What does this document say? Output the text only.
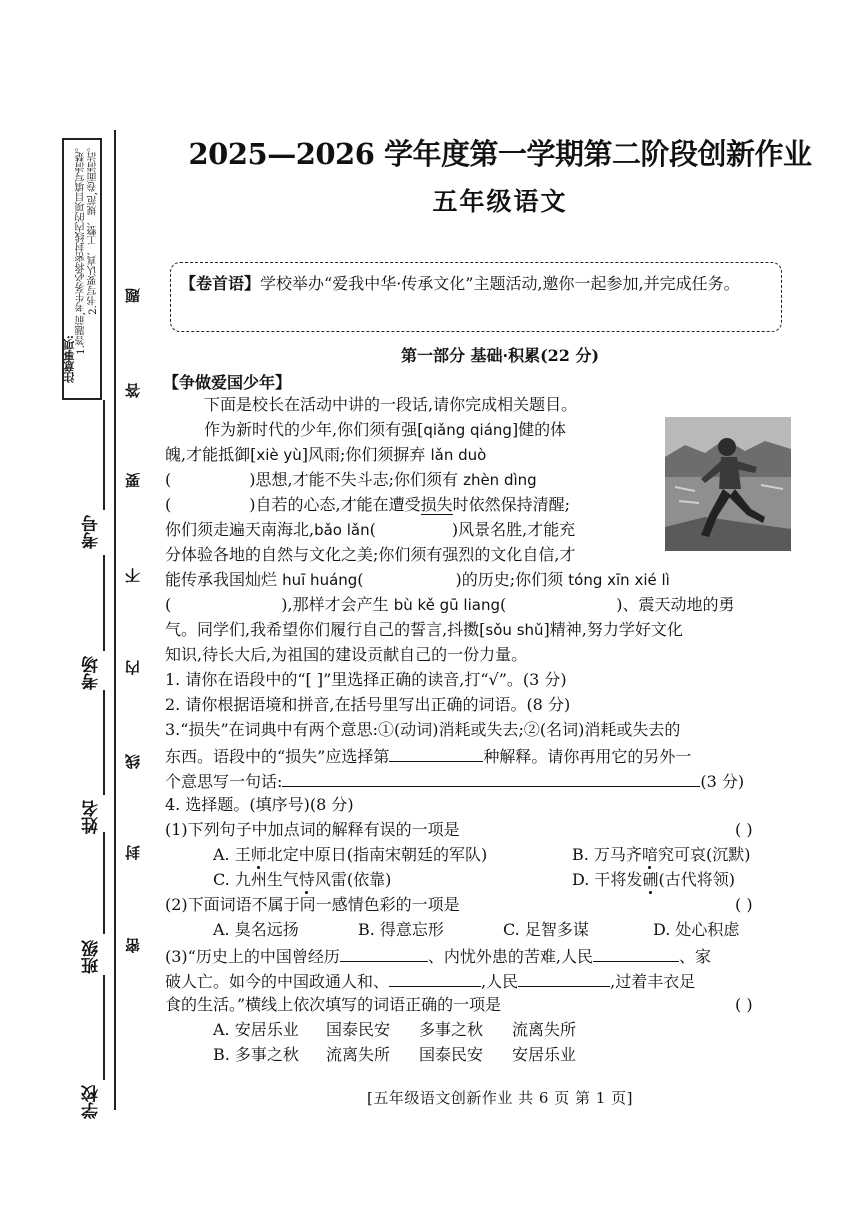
注意事项:
1.答题前,考生务必将密封线内的项目填写清楚。 2.书写要认真、工整、规范,卷面清洁。 题
答
要
不
内
线
封
密
考号
考场
姓名
班级
学校
2025—2026 学年度第一学期第二阶段创新作业
五年级语文
【卷首语】学校举办“爱我中华·传承文化”主题活动,邀你一起参加,并完成任务。
第一部分 基础·积累(22 分)
【争做爱国少年】
下面是校长在活动中讲的一段话,请你完成相关题目。
作为新时代的少年,你们须有强[qiǎng qiáng]健的体
魄,才能抵御[xiè yù]风雨;你们须摒弃 lǎn duò
(	)思想,才能不失斗志;你们须有 zhèn dìng
(	)自若的心态,才能在遭受损失时依然保持清醒;
你们须走遍天南海北,bǎo lǎn(	)风景名胜,才能充
分体验各地的自然与文化之美;你们须有强烈的文化自信,才
能传承我国灿烂 huī huáng(	)的历史;你们须 tóng xīn xié lì
(	),那样才会产生 bù kě gū liang(	)、震天动地的勇
气。同学们,我希望你们履行自己的誓言,抖擞[sǒu shǔ]精神,努力学好文化
知识,待长大后,为祖国的建设贡献自己的一份力量。
1. 请你在语段中的“[ ]”里选择正确的读音,打“√”。(3 分)
2. 请你根据语境和拼音,在括号里写出正确的词语。(8 分)
3.“损失”在词典中有两个意思:①(动词)消耗或失去;②(名词)消耗或失去的
东西。语段中的“损失”应选择第	种解释。请你再用它的另外一
个意思写一句话:	(3 分)
4. 选择题。(填序号)(8 分)
(1)下列句子中加点词的解释有误的一项是	( )
A. 王师北定中原日(指南宋朝廷的军队)	B. 万马齐喑究可哀(沉默)
C. 九州生气恃风雷(依靠)	D. 干将发硎(古代将领)
(2)下面词语不属于同一感情色彩的一项是	( )
A. 臭名远扬	B. 得意忘形	C. 足智多谋	D. 处心积虑
(3)“历史上的中国曾经历	、内忧外患的苦难,人民	、家
破人亡。如今的中国政通人和、	,人民	,过着丰衣足
食的生活。”横线上依次填写的词语正确的一项是	( )
A. 安居乐业 国泰民安 多事之秋 流离失所
B. 多事之秋 流离失所 国泰民安 安居乐业
[五年级语文创新作业 共 6 页 第 1 页]
